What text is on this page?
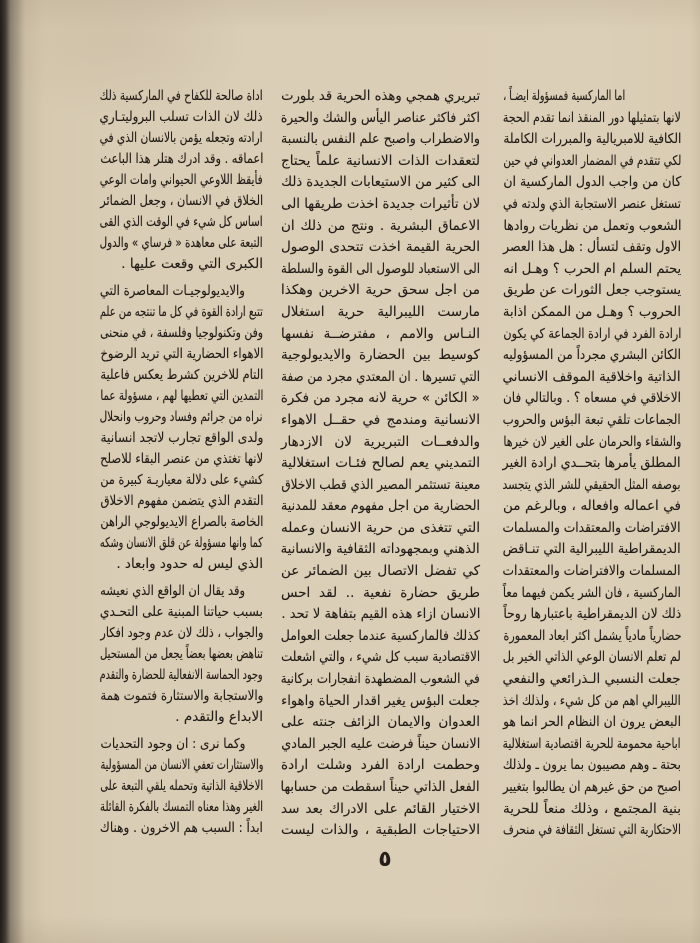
اما الماركسية فمسؤولة ايضـاً ،
لانها بتمثيلها دور المنقذ انما تقدم الحجة
الكافية للامبريالية والمبررات الكاملة
لكي تتقدم في المضمار العدواني في حين
كان من واجب الدول الماركسية ان
تستغل عنصر الاستجابة الذي ولدته في
الشعوب وتعمل من نظريات روادها
الاول وتقف لتسأل : هل هذا العصر
يحتم السلم ام الحرب ؟ وهـل انه
يستوجب جعل الثورات عن طريق
الحروب ؟ وهـل من الممكن اذابة
ارادة الفرد في ارادة الجماعة كي يكون
الكائن البشري مجرداً من المسؤوليه
الذاتية واخلاقية الموقف الانساني
الاخلاقي في مسعاه ؟ . وبالتالي فان
الجماعات تلقي تبعة البؤس والحروب
والشقاء والحرمان على الغير لان خيرها
المطلق يأمرها بتحــدي ارادة الغير
بوصفه المثل الحقيقي للشر الذي يتجسد
في اعماله وافعاله ، وبالرغم من
الافتراضات والمعتقدات والمسلمات
الديمقراطية الليبرالية التي تنـاقض
المسلمات والافتراضات والمعتقدات
الماركسية ، فان الشر يكمن فيهما معاً
ذلك لان الديمقراطية باعتبارها روحاً
حضارياً مادياً يشمل اكثر ابعاد المعمورة
لم تعلم الانسان الوعي الذاتي الخير بل
جعلت النسبي الـذرائعي والنفعي
الليبرالي اهم من كل شيء ، ولذلك اخذ
البعض يرون ان النظام الحر انما هو
اباحية محمومة للحرية اقتصادية استغلالية
بحتة ـ وهم مصيبون بما يرون ـ ولذلك
اصبح من حق غيرهم ان يطالبوا بتغيير
بنية المجتمع ، وذلك منعاً للحرية
الاحتكارية التي تستغل الثقافة في منحرف
تبريري همجي وهذه الحرية قد بلورت
اكثر فاكثر عناصر اليأس والشك والحيرة
والاضطراب واصبح علم النفس بالنسبة
لتعقدات الذات الانسانية علماً يحتاج
الى كثير من الاستيعابات الجديدة ذلك
لان تأثيرات جديدة اخذت طريقها الى
الاعماق البشرية . ونتج من ذلك ان
الحرية القيمة اخذت تتحدى الوصول
الى الاستعباد للوصول الى القوة والسلطة
من اجل سحق حرية الاخرين وهكذا
مارست الليبرالية حرية استغلال
النـاس والامم ، مفترضــة نفسها
كوسيط بين الحضارة والايديولوجية
التي تسيرها . ان المعتدي مجرد من صفة
« الكائن » حرية لانه مجرد من فكرة
الانسانية ومندمج في حقــل الاهواء
والدفعــات التبريرية لان الازدهار
التمديني يعم لصالح فئـات استغلالية
معينة تستثمر المصير الذي قطب الاخلاق
الحضارية من اجل مفهوم معقد للمدنية
التي تتغذى من حرية الانسان وعمله
الذهني وبمجهوداته الثقافية والانسانية
كي تفضل الاتصال بين الضمائر عن
طريق حضارة نفعية .. لقد احس
الانسان ازاء هذه القيم بتفاهة لا تحد .
كذلك فالماركسية عندما جعلت العوامل
الاقتصادية سبب كل شيء ، والتي اشعلت
في الشعوب المضطهدة انفجارات بركانية
جعلت البؤس يغير اقدار الحياة واهواء
العدوان والايمان الزائف جنته على
الانسان حيناً فرضت عليه الجبر المادي
وحطمت ارادة الفرد وشلت ارادة
الفعل الذاتي حيناً اسقطت من حسابها
الاختيار القائم على الادراك بعد سد
الاحتياجات الطبقية ، والذات ليست
اداة صالحة للكفاح في الماركسية ذلك
ذلك لان الذات تسلب البروليتـاري
ارادته وتجعله يؤمن بالانسان الذي في
اعماقه . وقد ادرك هتلر هذا الباعث
فأيقظ اللاوعي الحيواني وامات الوعي
الخلاق في الانسان ، وجعل الضمائر
اساس كل شيء في الوقت الذي القى
التبعة على معاهدة « فرساي » والدول
الكبرى التي وقعت عليها .
والايديولوجيـات المعاصرة التي
تتبع ارادة القوة في كل ما تنتجه من علم
وفن وتكنولوجيا وفلسفة ، في منحنى
الاهواء الحضارية التي تريد الرضوخ
التام للاخرين كشرط يعكس فاعلية
التمدين التي تعطيها لهم ، مسؤولة عما
نراه من جرائم وفساد وحروب وانحلال
ولدى الواقع تجارب لاتجد انسانية
لانها تغتذي من عنصر البقاء للاصلح
كشيء على دلالة معياريـة كبيرة من
التقدم الذي يتضمن مفهوم الاخلاق
الخاصة بالصراع الايديولوجي الراهن
كما وانها مسؤولة عن قلق الانسان وشكه
الذي ليس له حدود وابعاد .
وقد يقال ان الواقع الذي نعيشه
بسبب حياتنا المبنية على التحـدي
والجواب ، ذلك لان عدم وجود افكار
تناهض بعضها بعضاً يجعل من المستحيل
وجود الحماسة الانفعالية للحضارة والتقدم
والاستجابة والاستثارة فتموت همة
الابداع والتقدم .
وكما نرى : ان وجود التحديات
والاستثارات تعفي الانسان من المسؤولية
الاخلاقية الذاتية وتحمله يلقي التبعة على
الغير وهذا معناه التمسك بالفكرة القائلة
ابداً : السبب هم الاخرون . وهناك
٥
